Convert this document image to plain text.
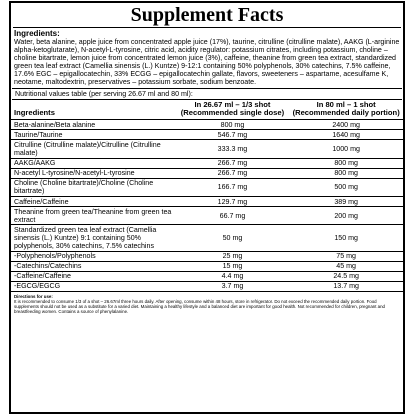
Supplement Facts
Ingredients:
Water, beta alanine, apple juice from concentrated apple juice (17%), taurine, citrulline (citrulline malate), AAKG (L-arginine alpha-ketoglutarate), N-acetyl-L-tyrosine, citric acid, acidity regulator: potassium citrates, including potassium, choline – choline bitartrate, lemon juice from concentrated lemon juice (3%), caffeine, theanine from green tea extract, standardized green tea leaf extract (Camellia sinensis (L.) Kuntze) 9-12:1 containing 50% polyphenols, 30% catechins, 7.5% caffeine, 17.6% EGC – epigallocatechin, 33% ECGG – epigallocatechin gallate, flavors, sweeteners – aspartame, acesulfame K, neotame, maltodextrin, preservatives – potassium sorbate, sodium benzoate.
Nutritional values table (per serving 26.67 ml and 80 ml):
Ingredients	In 26.67 ml – 1/3 shot (Recommended single dose)	In 80 ml – 1 shot (Recommended daily portion)
Beta-alanine/Beta alanine	800 mg	2400 mg
Taurine/Taurine	546.7 mg	1640 mg
Citrulline (Citrulline malate)/Citrulline (Citrulline malate)	333.3 mg	1000 mg
AAKG/AAKG	266.7 mg	800 mg
N-acetyl L-tyrosine/N-acetyl-L-tyrosine	266.7 mg	800 mg
Choline (Choline bitartrate)/Choline (Choline bitartrate)	166.7 mg	500 mg
Caffeine/Caffeine	129.7 mg	389 mg
Theanine from green tea/Theanine from green tea extract	66.7 mg	200 mg
Standardized green tea leaf extract (Camellia sinensis (L.) Kuntze) 9:1 containing 50% polyphenols, 30% catechins, 7.5% catechins	50 mg	150 mg
-Polyphenols/Polyphenols	25 mg	75 mg
-Catechins/Catechins	15 mg	45 mg
-Caffeine/Caffeine	4.4 mg	24.5 mg
-EGCG/EGCG	3.7 mg	13.7 mg
Directions for use:
It is recommended to consume 1/3 of a shot – 26.67ml three hours daily. After opening, consume within 48 hours, store in refrigerator. Do not exceed the recommended daily portion. Food supplements should not be used as a substitute for a varied diet. Maintaining a healthy lifestyle and a balanced diet are important for good health. Not recommended for children, pregnant and breastfeeding women. Contains a source of phenylalanine.
